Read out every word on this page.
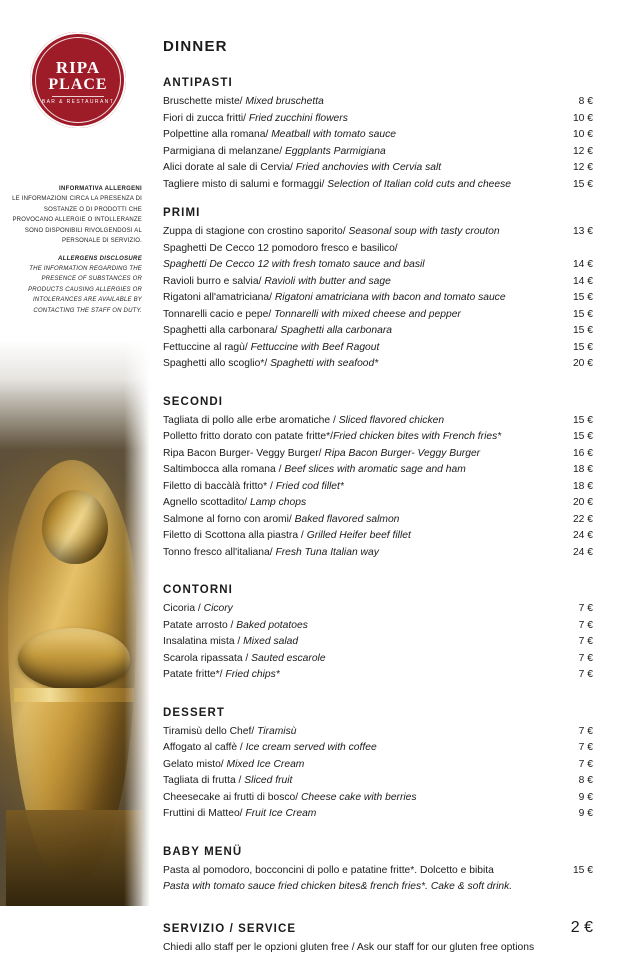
RIPA
PLACE
BAR & RESTAURANT
INFORMATIVA ALLERGENI
LE INFORMAZIONI CIRCA LA PRESENZA DI SOSTANZE O DI PRODOTTI CHE PROVOCANO ALLERGIE O INTOLLERANZE SONO DISPONIBILI RIVOLGENDOSI AL PERSONALE DI SERVIZIO.
ALLERGENS DISCLOSURE
THE INFORMATION REGARDING THE PRESENCE OF SUBSTANCES OR PRODUCTS CAUSING ALLERGIES OR INTOLERANCES ARE AVAILABLE BY CONTACTING THE STAFF ON DUTY.
DINNER
ANTIPASTI
Bruschette miste/ Mixed bruschetta	8 €
Fiori di zucca fritti/ Fried zucchini flowers	10 €
Polpettine alla romana/ Meatball with tomato sauce	10 €
Parmigiana di melanzane/ Eggplants Parmigiana	12 €
Alici dorate al sale di Cervia/ Fried anchovies with Cervia salt	12 €
Tagliere misto di salumi e formaggi/ Selection of Italian cold cuts and cheese	15 €
PRIMI
Zuppa di stagione con crostino saporito/ Seasonal soup with tasty crouton	13 €
Spaghetti De Cecco 12 pomodoro fresco e basilico/
Spaghetti De Cecco 12 with fresh tomato sauce and basil	14 €
Ravioli burro e salvia/ Ravioli with butter and sage	14 €
Rigatoni all'amatriciana/ Rigatoni amatriciana with bacon and tomato sauce	15 €
Tonnarelli cacio e pepe/ Tonnarelli with mixed cheese and pepper	15 €
Spaghetti alla carbonara/ Spaghetti alla carbonara	15 €
Fettuccine al ragù/ Fettuccine with Beef Ragout	15 €
Spaghetti allo scoglio*/ Spaghetti with seafood*	20 €
SECONDI
Tagliata di pollo alle erbe aromatiche / Sliced flavored chicken	15 €
Polletto fritto dorato con patate fritte*/Fried chicken bites with French fries*	15 €
Ripa Bacon Burger- Veggy Burger/ Ripa Bacon Burger- Veggy Burger	16 €
Saltimbocca alla romana / Beef slices with aromatic sage and ham	18 €
Filetto di baccàlà fritto* / Fried cod fillet*	18 €
Agnello scottadito/ Lamp chops	20 €
Salmone al forno con aromi/ Baked flavored salmon	22 €
Filetto di Scottona alla piastra / Grilled Heifer beef fillet	24 €
Tonno fresco all'italiana/ Fresh Tuna Italian way	24 €
CONTORNI
Cicoria / Cicory	7 €
Patate arrosto / Baked potatoes	7 €
Insalatina mista / Mixed salad	7 €
Scarola ripassata / Sauted escarole	7 €
Patate fritte*/ Fried chips*	7 €
DESSERT
Tiramisù dello Chef/ Tiramisù	7 €
Affogato al caffè / Ice cream served with coffee	7 €
Gelato misto/ Mixed Ice Cream	7 €
Tagliata di frutta / Sliced fruit	8 €
Cheesecake ai frutti di bosco/ Cheese cake with berries	9 €
Fruttini di Matteo/ Fruit Ice Cream	9 €
BABY MENÜ
Pasta al pomodoro, bocconcini di pollo e patatine fritte*. Dolcetto e bibita	15 €
Pasta with tomato sauce fried chicken bites& french fries*. Cake & soft drink.
SERVIZIO / SERVICE	2 €
Chiedi allo staff per le opzioni gluten free / Ask our staff for our gluten free options
